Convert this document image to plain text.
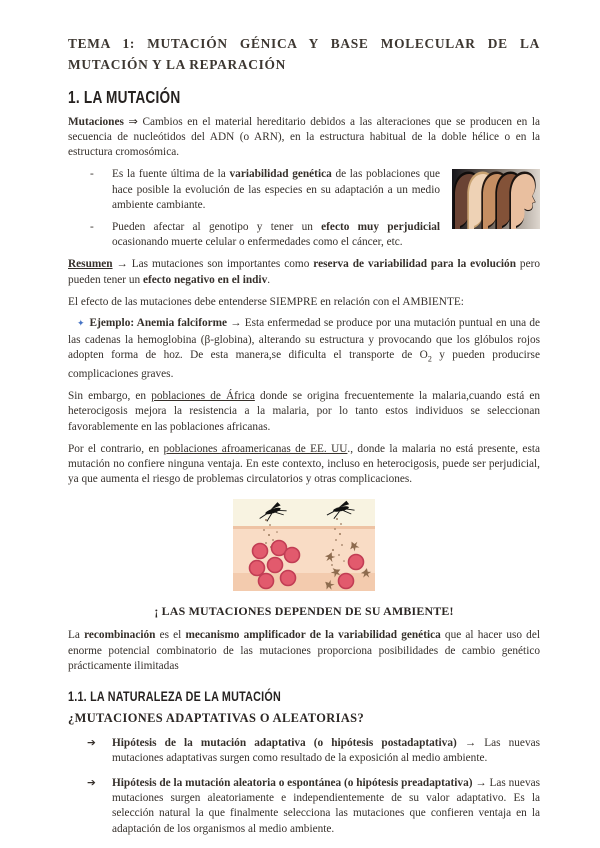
TEMA 1: MUTACIÓN GÉNICA Y BASE MOLECULAR DE LA MUTACIÓN Y LA REPARACIÓN
1. LA MUTACIÓN

Mutaciones ⇒ Cambios en el material hereditario debidos a las alteraciones que se producen en la secuencia de nucleótidos del ADN (o ARN), en la estructura habitual de la doble hélice o en la estructura cromosómica.

- Es la fuente última de la variabilidad genética de las poblaciones que hace posible la evolución de las especies en su adaptación a un medio ambiente cambiante.
- Pueden afectar al genotipo y tener un efecto muy perjudicial ocasionando muerte celular o enfermedades como el cáncer, etc.

Resumen → Las mutaciones son importantes como reserva de variabilidad para la evolución pero pueden tener un efecto negativo en el indiv.

El efecto de las mutaciones debe entenderse SIEMPRE en relación con el AMBIENTE:

✦ Ejemplo: Anemia falciforme → Esta enfermedad se produce por una mutación puntual en una de las cadenas la hemoglobina (β-globina), alterando su estructura y provocando que los glóbulos rojos adopten forma de hoz. De esta manera,se dificulta el transporte de $O_2$ y pueden producirse complicaciones graves.

Sin embargo, en poblaciones de África donde se origina frecuentemente la malaria,cuando está en heterocigosis mejora la resistencia a la malaria, por lo tanto estos individuos se seleccionan favorablemente en las poblaciones africanas.

Por el contrario, en poblaciones afroamericanas de EE. UU., donde la malaria no está presente, esta mutación no confiere ninguna ventaja. En este contexto, incluso en heterocigosis, puede ser perjudicial, ya que aumenta el riesgo de problemas circulatorios y otras complicaciones.

¡ LAS MUTACIONES DEPENDEN DE SU AMBIENTE!

La recombinación es el mecanismo amplificador de la variabilidad genética que al hacer uso del enorme potencial combinatorio de las mutaciones proporciona posibilidades de cambio genético prácticamente ilimitadas

1.1. LA NATURALEZA DE LA MUTACIÓN
¿MUTACIONES ADAPTATIVAS O ALEATORIAS?
➔ Hipótesis de la mutación adaptativa (o hipótesis postadaptativa) → Las nuevas mutaciones adaptativas surgen como resultado de la exposición al medio ambiente.
➔ Hipótesis de la mutación aleatoria o espontánea (o hipótesis preadaptativa) → Las nuevas mutaciones surgen aleatoriamente e independientemente de su valor adaptativo. Es la selección natural la que finalmente selecciona las mutaciones que confieren ventaja en la adaptación de los organismos al medio ambiente.
